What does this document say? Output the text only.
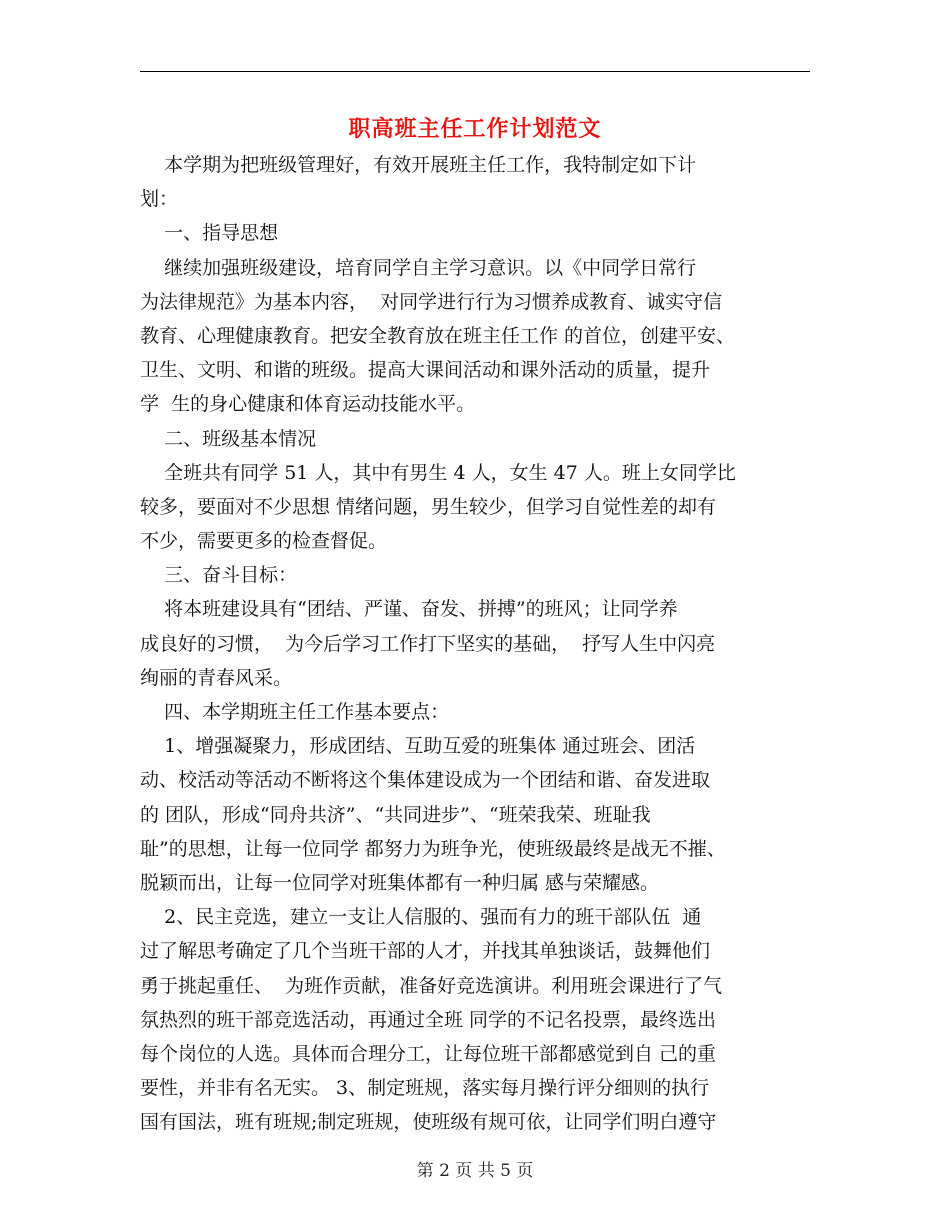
职高班主任工作计划范文
本学期为把班级管理好，有效开展班主任工作，我特制定如下计
划：
一、指导思想
继续加强班级建设，培育同学自主学习意识。以《中同学日常行
为法律规范》为基本内容，  对同学进行行为习惯养成教育、诚实守信
教育、心理健康教育。把安全教育放在班主任工作 的首位，创建平安、
卫生、文明、和谐的班级。提高大课间活动和课外活动的质量，提升
学  生的身心健康和体育运动技能水平。
二、班级基本情况
全班共有同学 51 人，其中有男生 4 人，女生 47 人。班上女同学比
较多，要面对不少思想 情绪问题，男生较少，但学习自觉性差的却有
不少，需要更多的检查督促。
三、奋斗目标：
将本班建设具有“团结、严谨、奋发、拼搏”的班风；让同学养
成良好的习惯，  为今后学习工作打下坚实的基础，  抒写人生中闪亮
绚丽的青春风采。
四、本学期班主任工作基本要点：
1、增强凝聚力，形成团结、互助互爱的班集体 通过班会、团活
动、校活动等活动不断将这个集体建设成为一个团结和谐、奋发进取
的 团队，形成“同舟共济”、“共同进步”、“班荣我荣、班耻我
耻”的思想，让每一位同学 都努力为班争光，使班级最终是战无不摧、
脱颖而出，让每一位同学对班集体都有一种归属 感与荣耀感。
2、民主竞选，建立一支让人信服的、强而有力的班干部队伍  通
过了解思考确定了几个当班干部的人才，并找其单独谈话，鼓舞他们
勇于挑起重任、  为班作贡献，准备好竞选演讲。利用班会课进行了气
氛热烈的班干部竞选活动，再通过全班 同学的不记名投票，最终选出
每个岗位的人选。具体而合理分工，让每位班干部都感觉到自 己的重
要性，并非有名无实。 3、制定班规，落实每月操行评分细则的执行
国有国法，班有班规;制定班规，使班级有规可依，让同学们明白遵守
第 2 页 共 5 页
